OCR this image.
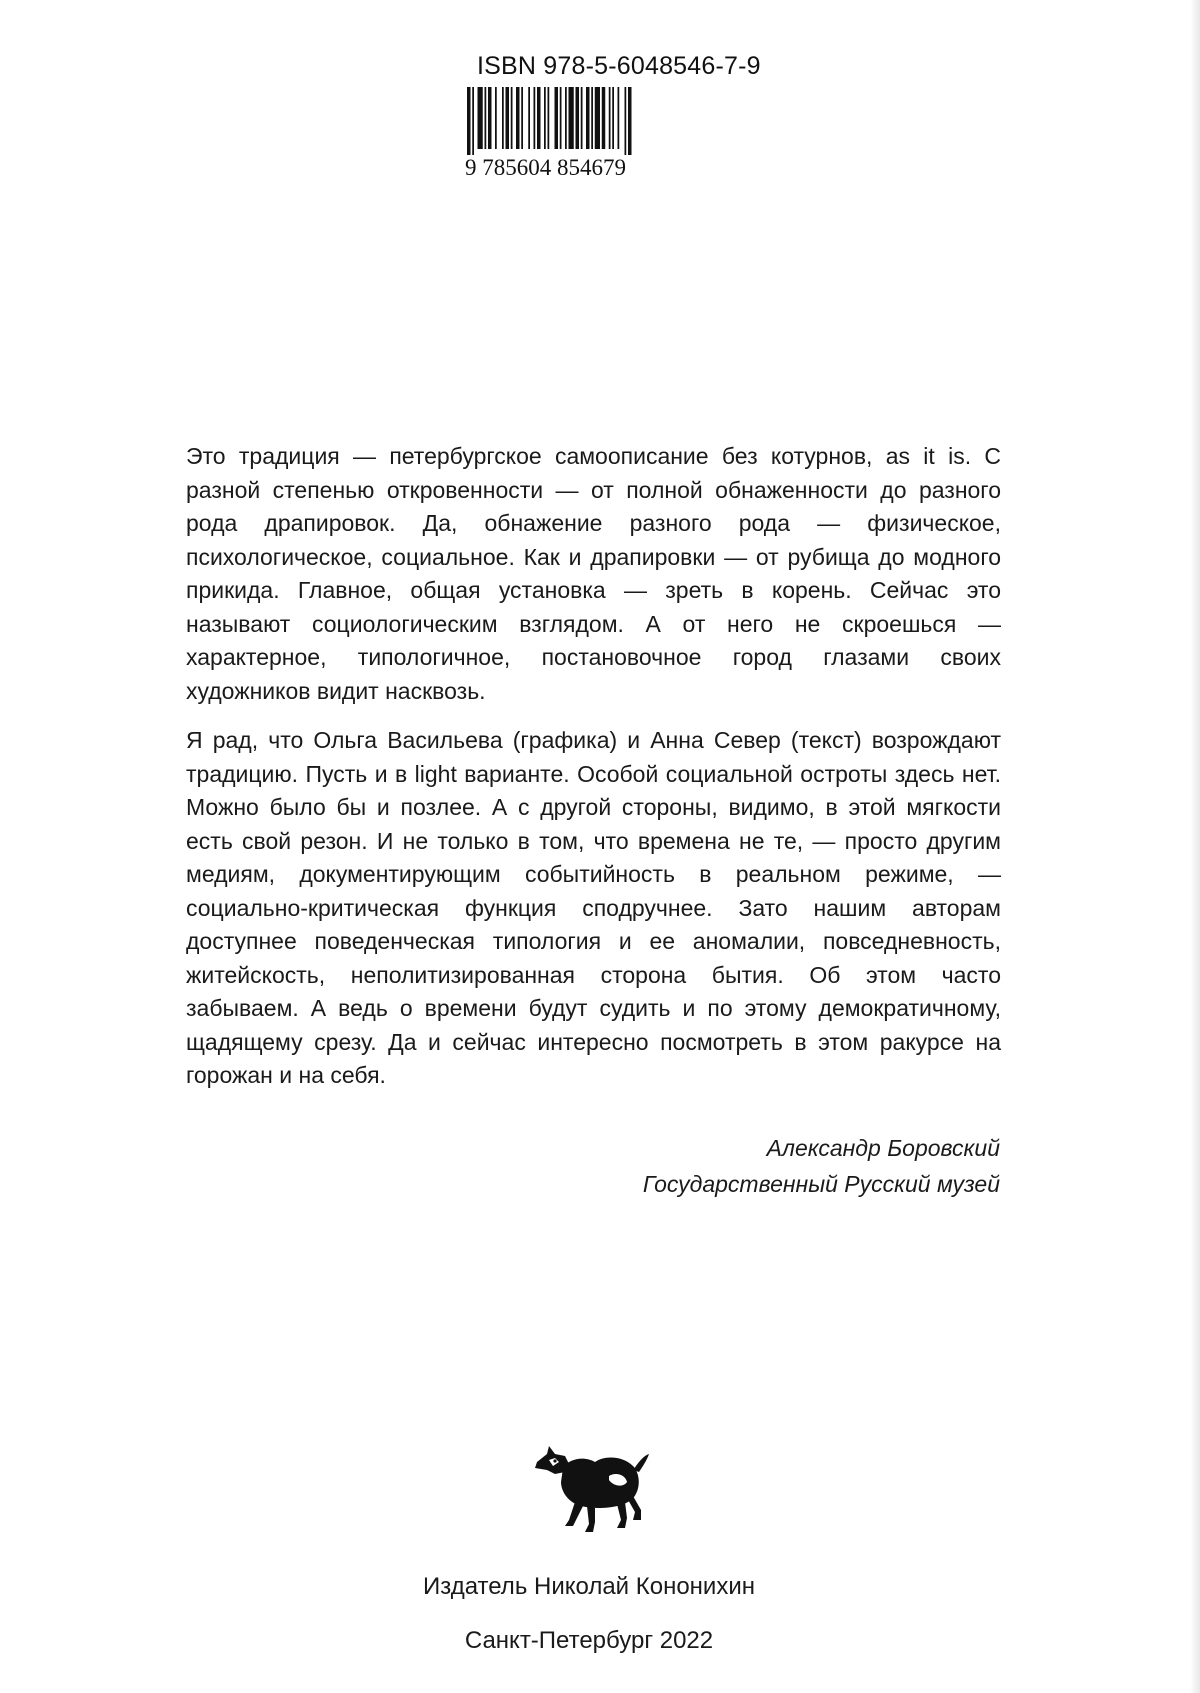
ISBN 978-5-6048546-7-9
9 785604 854679

Это традиция — петербургское самоописание без котурнов, as it is. С разной степенью откровенности — от полной обнаженности до разного рода драпировок. Да, обнажение разного рода — физическое, психологическое, социальное. Как и драпировки — от рубища до модного прикида. Главное, общая установка — зреть в корень. Сейчас это называют социологическим взглядом. А от него не скроешься — характерное, типологичное, постановочное город глазами своих художников видит насквозь.

Я рад, что Ольга Васильева (графика) и Анна Север (текст) возрождают традицию. Пусть и в light варианте. Особой социальной остроты здесь нет. Можно было бы и позлее. А с другой стороны, видимо, в этой мягкости есть свой резон. И не только в том, что времена не те, — просто другим медиям, документирующим событийность в реальном режиме, — социально-критическая функция сподручнее. Зато нашим авторам доступнее поведенческая типология и ее аномалии, повседневность, житейскость, неполитизированная сторона бытия. Об этом часто забываем. А ведь о времени будут судить и по этому демократичному, щадящему срезу. Да и сейчас интересно посмотреть в этом ракурсе на горожан и на себя.

Александр Боровский
Государственный Русский музей
Издатель Николай Кононихин
Санкт-Петербург 2022
